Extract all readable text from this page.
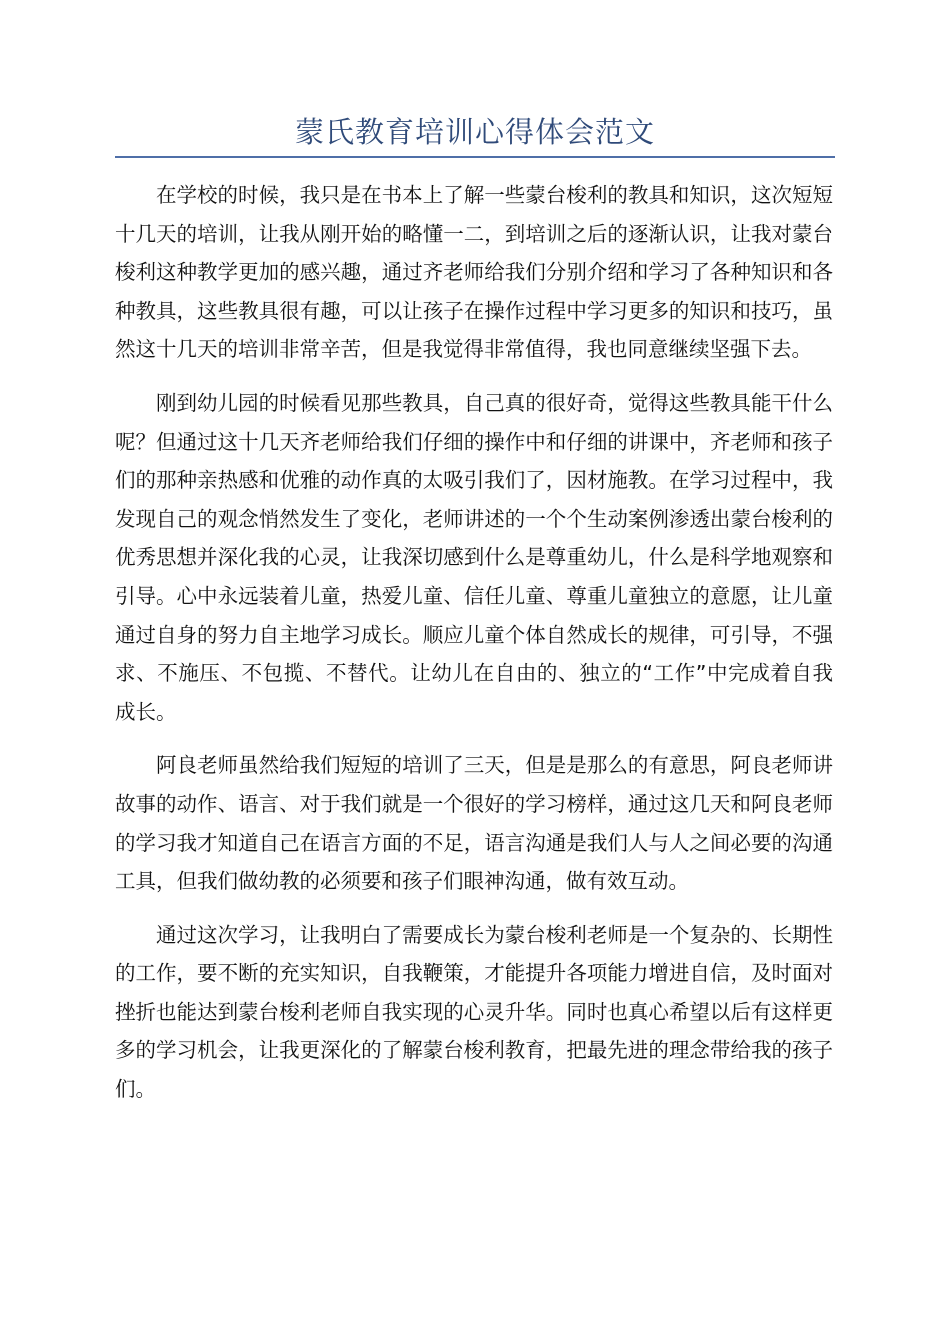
蒙氏教育培训心得体会范文

在学校的时候，我只是在书本上了解一些蒙台梭利的教具和知识，这次短短十几天的培训，让我从刚开始的略懂一二，到培训之后的逐渐认识，让我对蒙台梭利这种教学更加的感兴趣，通过齐老师给我们分别介绍和学习了各种知识和各种教具，这些教具很有趣，可以让孩子在操作过程中学习更多的知识和技巧，虽然这十几天的培训非常辛苦，但是我觉得非常值得，我也同意继续坚强下去。

刚到幼儿园的时候看见那些教具，自己真的很好奇，觉得这些教具能干什么呢？但通过这十几天齐老师给我们仔细的操作中和仔细的讲课中，齐老师和孩子们的那种亲热感和优雅的动作真的太吸引我们了，因材施教。在学习过程中，我发现自己的观念悄然发生了变化，老师讲述的一个个生动案例渗透出蒙台梭利的优秀思想并深化我的心灵，让我深切感到什么是尊重幼儿，什么是科学地观察和引导。心中永远装着儿童，热爱儿童、信任儿童、尊重儿童独立的意愿，让儿童通过自身的努力自主地学习成长。顺应儿童个体自然成长的规律，可引导，不强求、不施压、不包揽、不替代。让幼儿在自由的、独立的“工作”中完成着自我成长。

阿良老师虽然给我们短短的培训了三天，但是是那么的有意思，阿良老师讲故事的动作、语言、对于我们就是一个很好的学习榜样，通过这几天和阿良老师的学习我才知道自己在语言方面的不足，语言沟通是我们人与人之间必要的沟通工具，但我们做幼教的必须要和孩子们眼神沟通，做有效互动。

通过这次学习，让我明白了需要成长为蒙台梭利老师是一个复杂的、长期性的工作，要不断的充实知识，自我鞭策，才能提升各项能力增进自信，及时面对挫折也能达到蒙台梭利老师自我实现的心灵升华。同时也真心希望以后有这样更多的学习机会，让我更深化的了解蒙台梭利教育，把最先进的理念带给我的孩子们。
